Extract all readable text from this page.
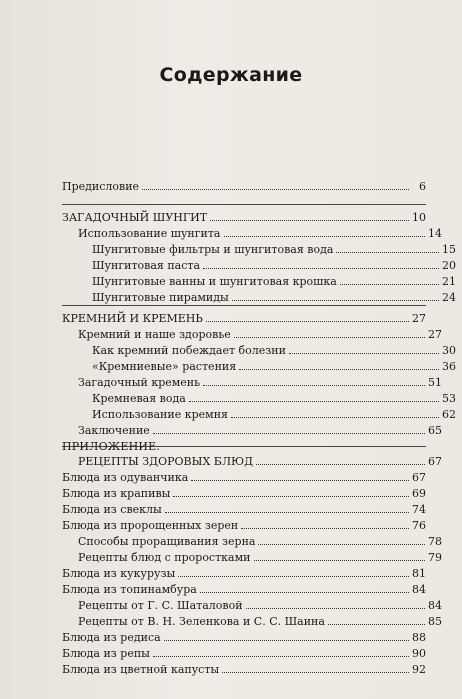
Содержание
Предисловие	6
ЗАГАДОЧНЫЙ ШУНГИТ	10
Использование шунгита	14
Шунгитовые фильтры и шунгитовая вода	15
Шунгитовая паста	20
Шунгитовые ванны и шунгитовая крошка	21
Шунгитовые пирамиды	24
КРЕМНИЙ И КРЕМЕНЬ	27
Кремний и наше здоровье	27
Как кремний побеждает болезни	30
«Кремниевые» растения	36
Загадочный кремень	51
Кремневая вода	53
Использование кремня	62
Заключение	65
ПРИЛОЖЕНИЕ.
РЕЦЕПТЫ ЗДОРОВЫХ БЛЮД	67
Блюда из одуванчика	67
Блюда из крапивы	69
Блюда из свеклы	74
Блюда из пророщенных зерен	76
Способы проращивания зерна	78
Рецепты блюд с проростками	79
Блюда из кукурузы	81
Блюда из топинамбура	84
Рецепты от Г. С. Шаталовой	84
Рецепты от В. Н. Зеленкова и С. С. Шаина	85
Блюда из редиса	88
Блюда из репы	90
Блюда из цветной капусты	92
